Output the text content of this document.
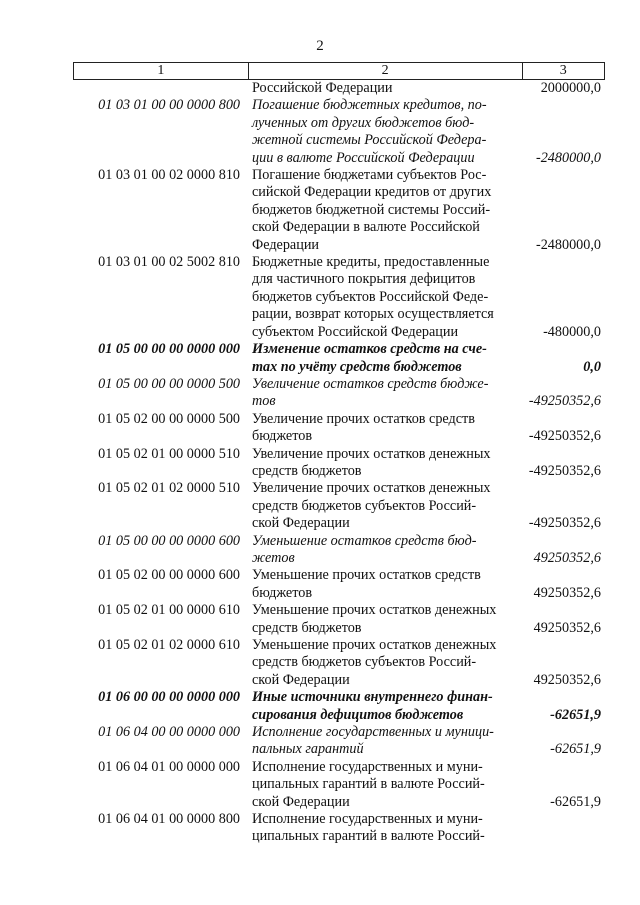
2
1	2	3
Российской Федерации	2000000,0
01 03 01 00 00 0000 800 Погашение бюджетных кредитов, по-
лученных от других бюджетов бюд-
жетной системы Российской Федера-
ции в валюте Российской Федерации	-2480000,0
01 03 01 00 02 0000 810 Погашение бюджетами субъектов Рос-
сийской Федерации кредитов от других
бюджетов бюджетной системы Россий-
ской Федерации в валюте Российской
Федерации	-2480000,0
01 03 01 00 02 5002 810 Бюджетные кредиты, предоставленные
для частичного покрытия дефицитов
бюджетов субъектов Российской Феде-
рации, возврат которых осуществляется
субъектом Российской Федерации	-480000,0
01 05 00 00 00 0000 000 Изменение остатков средств на сче-
тах по учёту средств бюджетов	0,0
01 05 00 00 00 0000 500 Увеличение остатков средств бюдже-
тов	-49250352,6
01 05 02 00 00 0000 500 Увеличение прочих остатков средств
бюджетов	-49250352,6
01 05 02 01 00 0000 510 Увеличение прочих остатков денежных
средств бюджетов	-49250352,6
01 05 02 01 02 0000 510 Увеличение прочих остатков денежных
средств бюджетов субъектов Россий-
ской Федерации	-49250352,6
01 05 00 00 00 0000 600 Уменьшение остатков средств бюд-
жетов	49250352,6
01 05 02 00 00 0000 600 Уменьшение прочих остатков средств
бюджетов	49250352,6
01 05 02 01 00 0000 610 Уменьшение прочих остатков денежных
средств бюджетов	49250352,6
01 05 02 01 02 0000 610 Уменьшение прочих остатков денежных
средств бюджетов субъектов Россий-
ской Федерации	49250352,6
01 06 00 00 00 0000 000 Иные источники внутреннего финан-
сирования дефицитов бюджетов	-62651,9
01 06 04 00 00 0000 000 Исполнение государственных и муници-
пальных гарантий	-62651,9
01 06 04 01 00 0000 000 Исполнение государственных и муни-
ципальных гарантий в валюте Россий-
ской Федерации	-62651,9
01 06 04 01 00 0000 800 Исполнение государственных и муни-
ципальных гарантий в валюте Россий-
